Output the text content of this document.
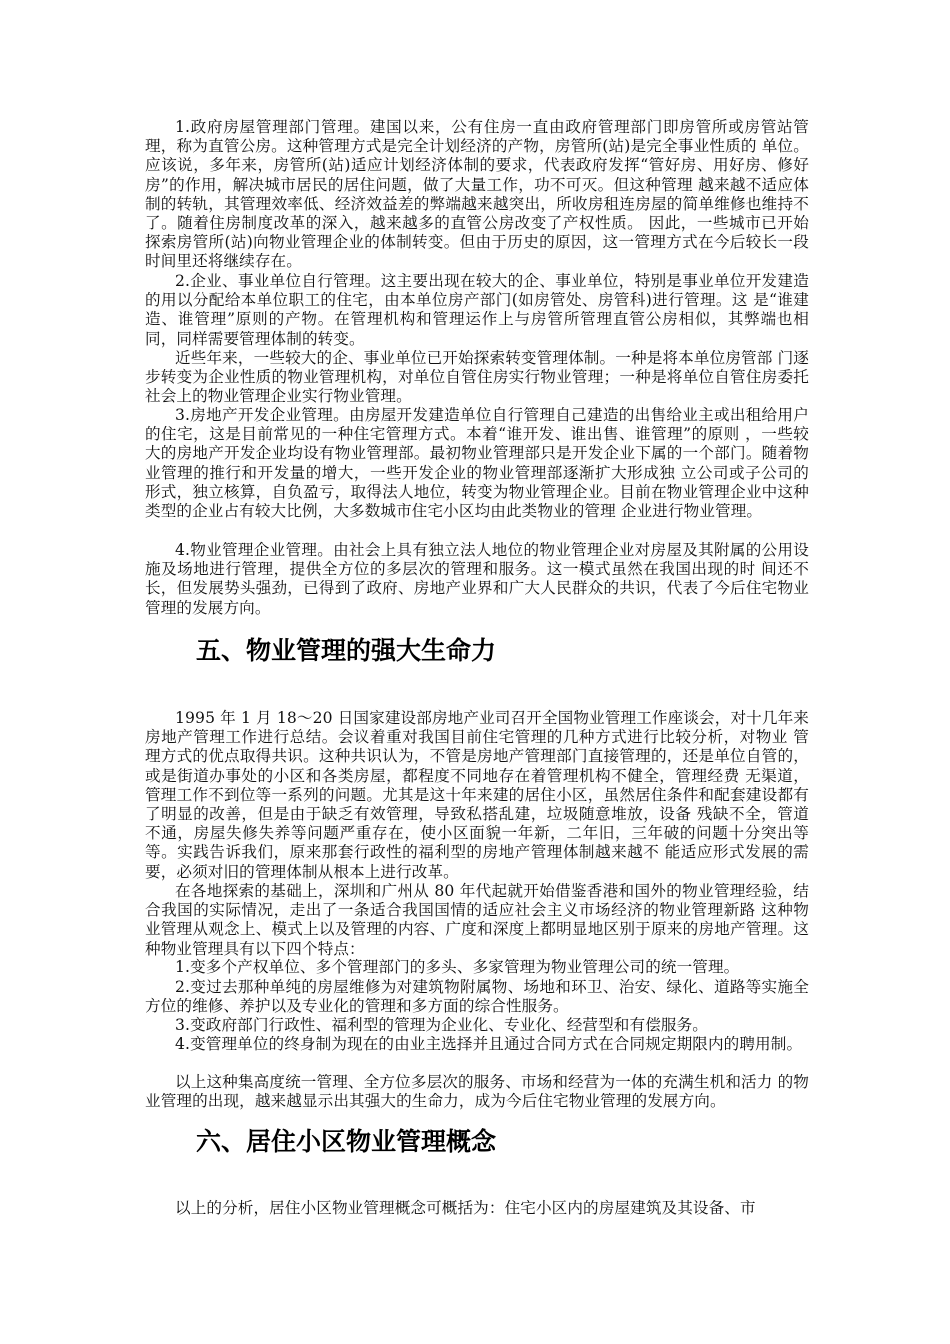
1.政府房屋管理部门管理。建国以来，公有住房一直由政府管理部门即房管所或房管站管理，称为直管公房。这种管理方式是完全计划经济的产物，房管所(站)是完全事业性质的 单位。应该说，多年来，房管所(站)适应计划经济体制的要求，代表政府发挥“管好房、用好房、修好房”的作用，解决城市居民的居住问题，做了大量工作，功不可灭。但这种管理 越来越不适应体制的转轨，其管理效率低、经济效益差的弊端越来越突出，所收房租连房屋的简单维修也维持不了。随着住房制度改革的深入，越来越多的直管公房改变了产权性质。 因此，一些城市已开始探索房管所(站)向物业管理企业的体制转变。但由于历史的原因，这一管理方式在今后较长一段时间里还将继续存在。

2.企业、事业单位自行管理。这主要出现在较大的企、事业单位，特别是事业单位开发建造的用以分配给本单位职工的住宅，由本单位房产部门(如房管处、房管科)进行管理。这 是“谁建造、谁管理”原则的产物。在管理机构和管理运作上与房管所管理直管公房相似，其弊端也相同，同样需要管理体制的转变。

近些年来，一些较大的企、事业单位已开始探索转变管理体制。一种是将本单位房管部 门逐步转变为企业性质的物业管理机构，对单位自管住房实行物业管理；一种是将单位自管住房委托社会上的物业管理企业实行物业管理。

3.房地产开发企业管理。由房屋开发建造单位自行管理自己建造的出售给业主或出租给用户的住宅，这是目前常见的一种住宅管理方式。本着“谁开发、谁出售、谁管理”的原则 ，一些较大的房地产开发企业均设有物业管理部。最初物业管理部只是开发企业下属的一个部门。随着物业管理的推行和开发量的增大，一些开发企业的物业管理部逐渐扩大形成独 立公司或子公司的形式，独立核算，自负盈亏，取得法人地位，转变为物业管理企业。目前在物业管理企业中这种类型的企业占有较大比例，大多数城市住宅小区均由此类物业的管理 企业进行物业管理。

4.物业管理企业管理。由社会上具有独立法人地位的物业管理企业对房屋及其附属的公用设施及场地进行管理，提供全方位的多层次的管理和服务。这一模式虽然在我国出现的时 间还不长，但发展势头强劲，已得到了政府、房地产业界和广大人民群众的共识，代表了今后住宅物业管理的发展方向。

五、物业管理的强大生命力

1995 年 1 月 18～20 日国家建设部房地产业司召开全国物业管理工作座谈会，对十几年来房地产管理工作进行总结。会议着重对我国目前住宅管理的几种方式进行比较分析，对物业 管理方式的优点取得共识。这种共识认为，不管是房地产管理部门直接管理的，还是单位自管的，或是街道办事处的小区和各类房屋，都程度不同地存在着管理机构不健全，管理经费 无渠道，管理工作不到位等一系列的问题。尤其是这十年来建的居住小区，虽然居住条件和配套建设都有了明显的改善，但是由于缺乏有效管理，导致私搭乱建，垃圾随意堆放，设备 残缺不全，管道不通，房屋失修失养等问题严重存在，使小区面貌一年新，二年旧，三年破的问题十分突出等等。实践告诉我们，原来那套行政性的福利型的房地产管理体制越来越不 能适应形式发展的需要，必须对旧的管理体制从根本上进行改革。

在各地探索的基础上，深圳和广州从 80 年代起就开始借鉴香港和国外的物业管理经验，结合我国的实际情况，走出了一条适合我国国情的适应社会主义市场经济的物业管理新路 这种物业管理从观念上、模式上以及管理的内容、广度和深度上都明显地区别于原来的房地产管理。这种物业管理具有以下四个特点：

1.变多个产权单位、多个管理部门的多头、多家管理为物业管理公司的统一管理。

2.变过去那种单纯的房屋维修为对建筑物附属物、场地和环卫、治安、绿化、道路等实施全方位的维修、养护以及专业化的管理和多方面的综合性服务。

3.变政府部门行政性、福利型的管理为企业化、专业化、经营型和有偿服务。

4.变管理单位的终身制为现在的由业主选择并且通过合同方式在合同规定期限内的聘用制。

以上这种集高度统一管理、全方位多层次的服务、市场和经营为一体的充满生机和活力 的物业管理的出现，越来越显示出其强大的生命力，成为今后住宅物业管理的发展方向。

六、居住小区物业管理概念

以上的分析，居住小区物业管理概念可概括为：住宅小区内的房屋建筑及其设备、市
